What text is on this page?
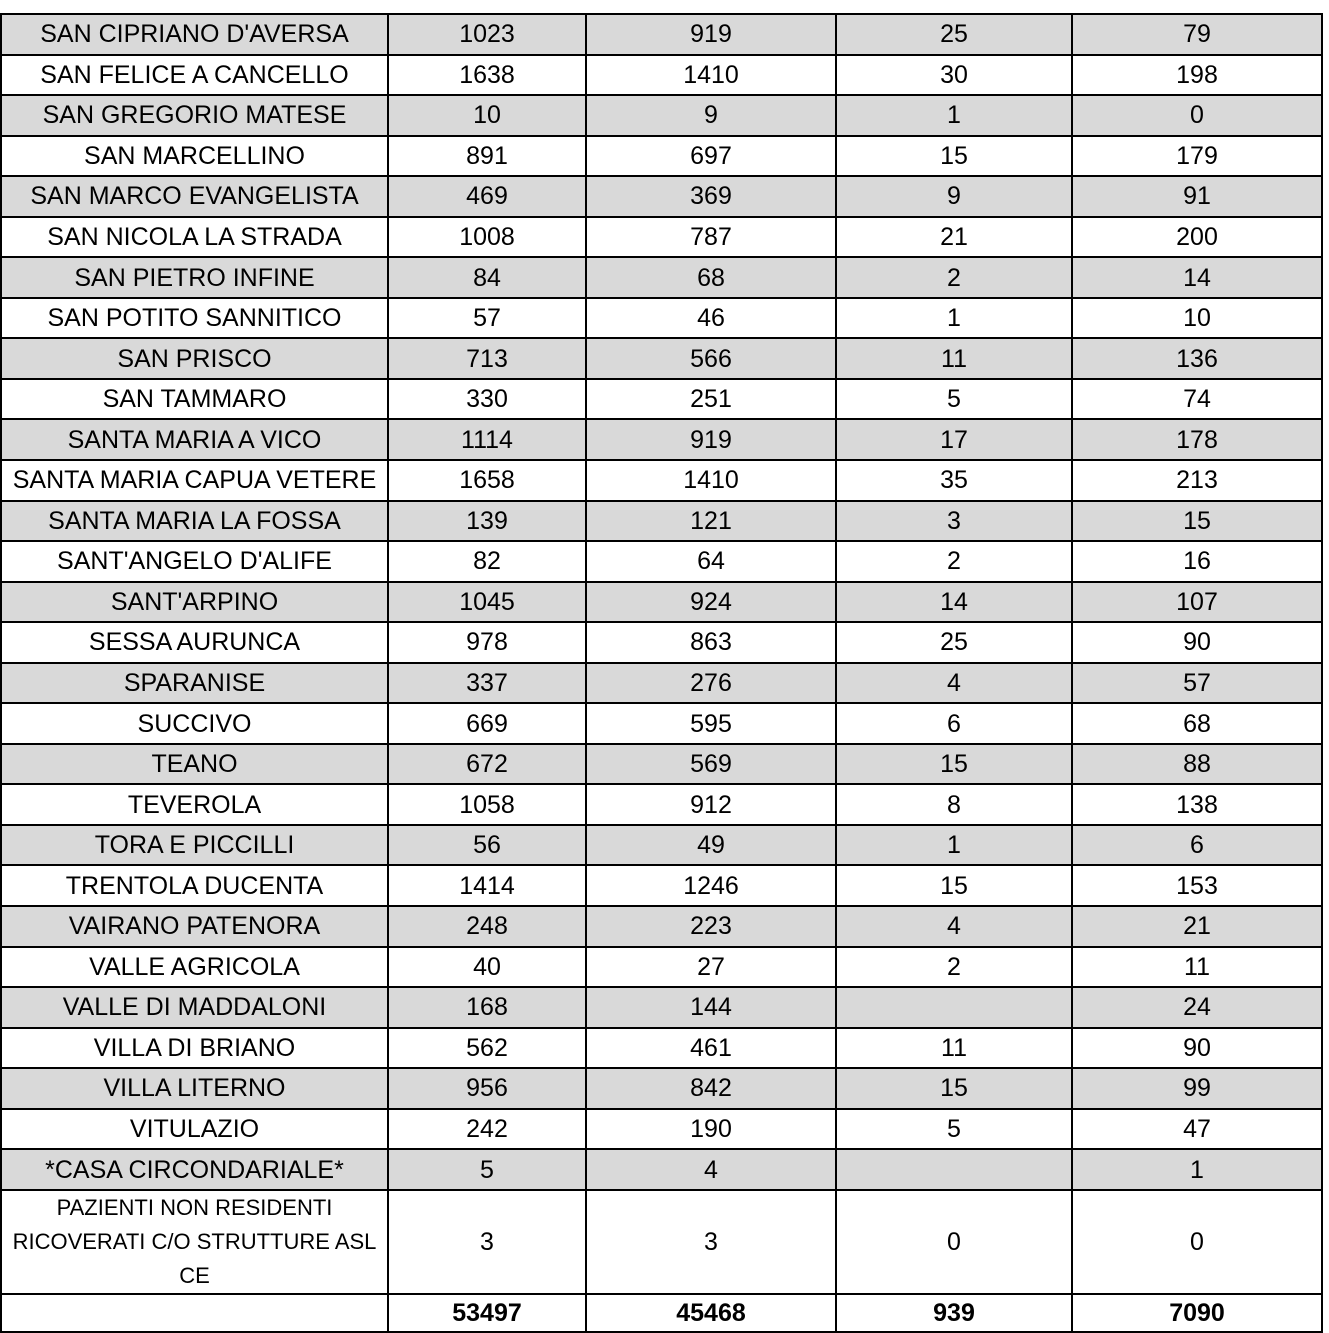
SAN CIPRIANO D'AVERSA	1023	919	25	79
SAN FELICE A CANCELLO	1638	1410	30	198
SAN GREGORIO MATESE	10	9	1	0
SAN MARCELLINO	891	697	15	179
SAN MARCO EVANGELISTA	469	369	9	91
SAN NICOLA LA STRADA	1008	787	21	200
SAN PIETRO INFINE	84	68	2	14
SAN POTITO SANNITICO	57	46	1	10
SAN PRISCO	713	566	11	136
SAN TAMMARO	330	251	5	74
SANTA MARIA A VICO	1114	919	17	178
SANTA MARIA CAPUA VETERE	1658	1410	35	213
SANTA MARIA LA FOSSA	139	121	3	15
SANT'ANGELO D'ALIFE	82	64	2	16
SANT'ARPINO	1045	924	14	107
SESSA AURUNCA	978	863	25	90
SPARANISE	337	276	4	57
SUCCIVO	669	595	6	68
TEANO	672	569	15	88
TEVEROLA	1058	912	8	138
TORA E PICCILLI	56	49	1	6
TRENTOLA DUCENTA	1414	1246	15	153
VAIRANO PATENORA	248	223	4	21
VALLE AGRICOLA	40	27	2	11
VALLE DI MADDALONI	168	144		24
VILLA DI BRIANO	562	461	11	90
VILLA LITERNO	956	842	15	99
VITULAZIO	242	190	5	47
*CASA CIRCONDARIALE*	5	4		1
PAZIENTI NON RESIDENTI RICOVERATI C/O STRUTTURE ASL CE	3	3	0	0
	53497	45468	939	7090
